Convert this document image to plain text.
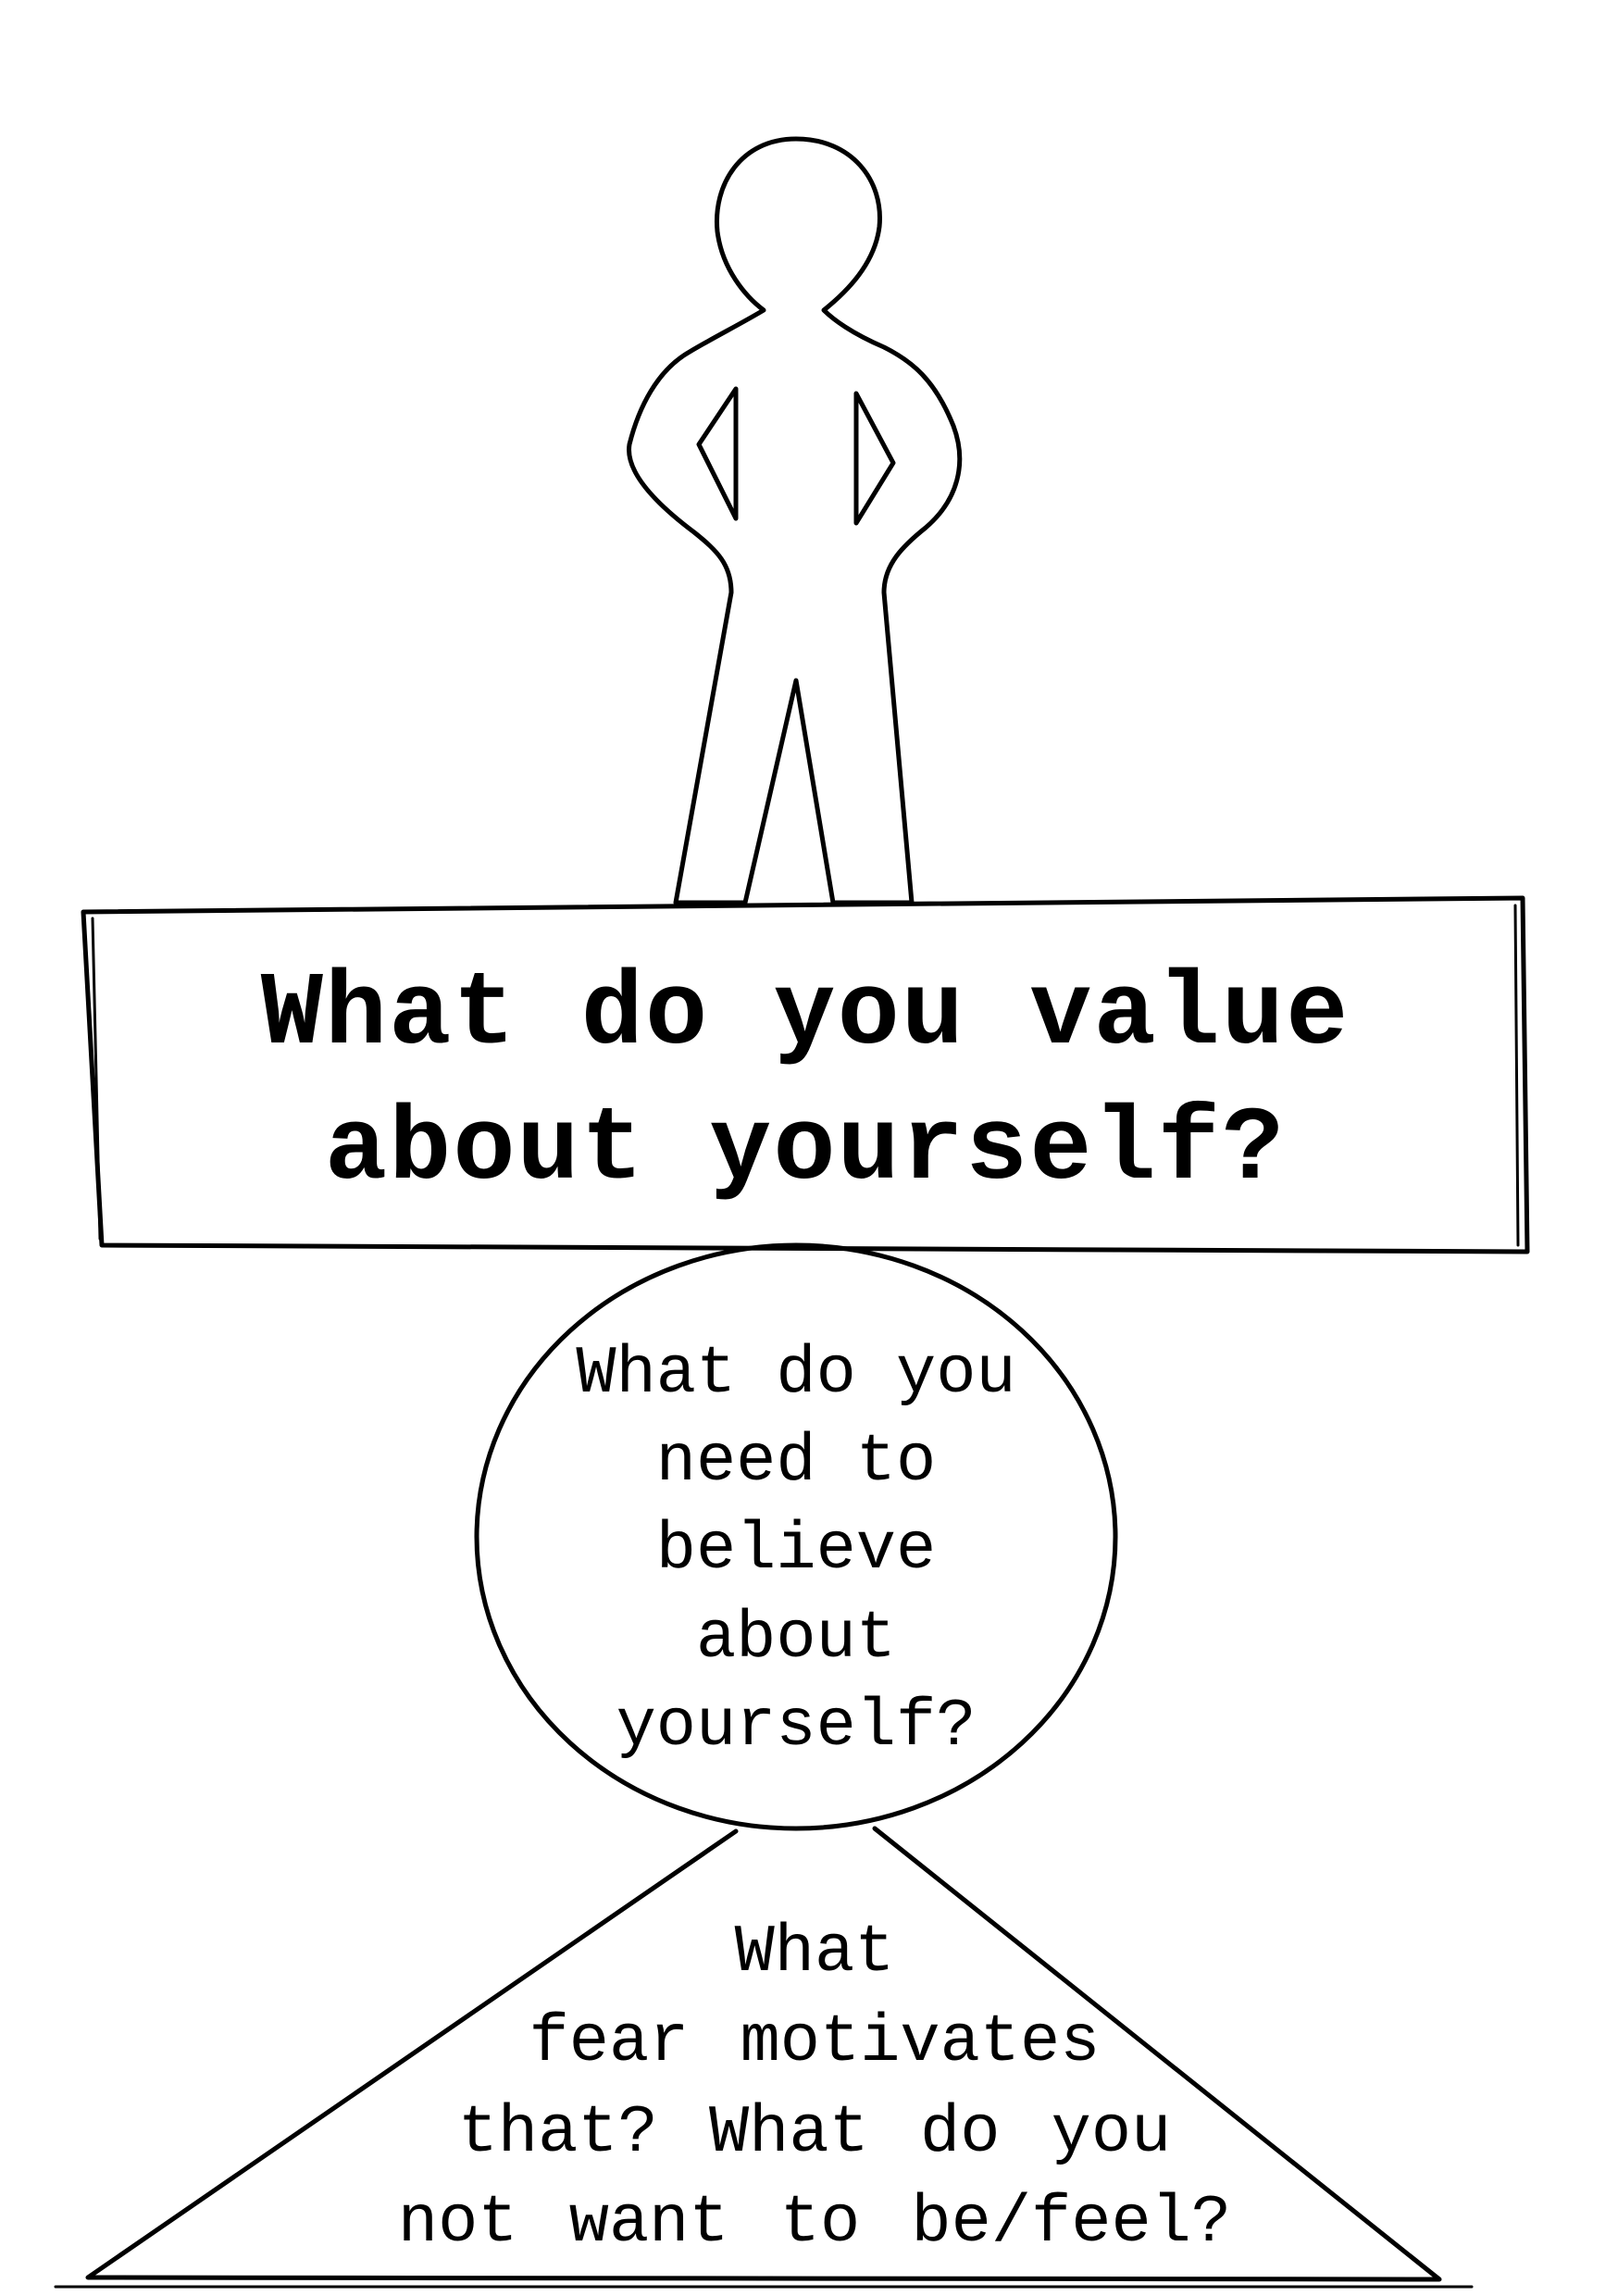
What do you value
about yourself?
What do you
need to
believe
about
yourself?
What
fear motivates
that? What do you
not want to be/feel?
